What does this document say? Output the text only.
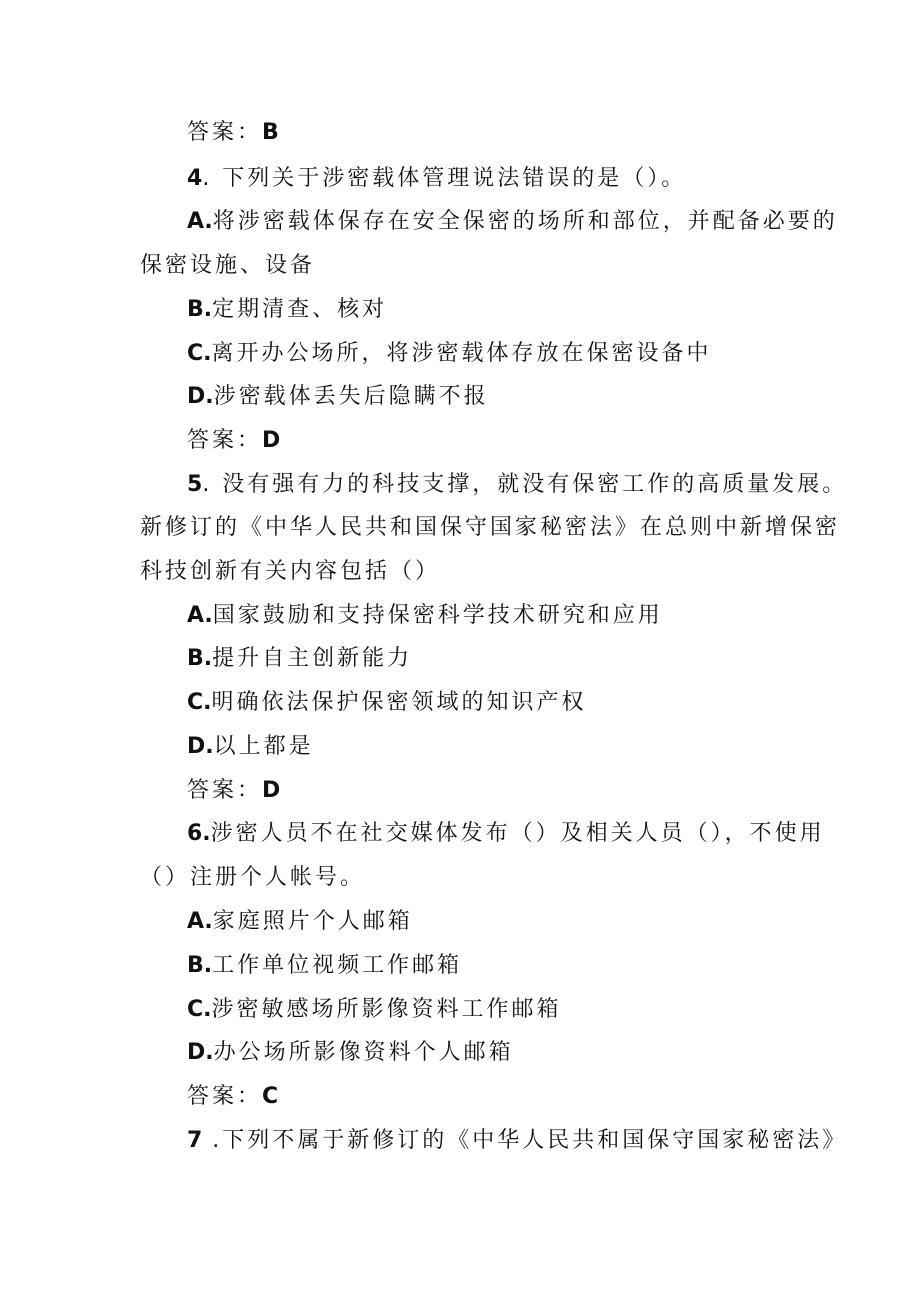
答案：B
4. 下列关于涉密载体管理说法错误的是（）。
A.将涉密载体保存在安全保密的场所和部位，并配备必要的
保密设施、设备
B.定期清查、核对
C.离开办公场所，将涉密载体存放在保密设备中
D.涉密载体丢失后隐瞒不报
答案：D
5. 没有强有力的科技支撑，就没有保密工作的高质量发展。
新修订的《中华人民共和国保守国家秘密法》在总则中新增保密
科技创新有关内容包括（）
A.国家鼓励和支持保密科学技术研究和应用
B.提升自主创新能力
C.明确依法保护保密领域的知识产权
D.以上都是
答案：D
6.涉密人员不在社交媒体发布（）及相关人员（），不使用
（）注册个人帐号。
A.家庭照片个人邮箱
B.工作单位视频工作邮箱
C.涉密敏感场所影像资料工作邮箱
D.办公场所影像资料个人邮箱
答案：C
7 .下列不属于新修订的《中华人民共和国保守国家秘密法》
